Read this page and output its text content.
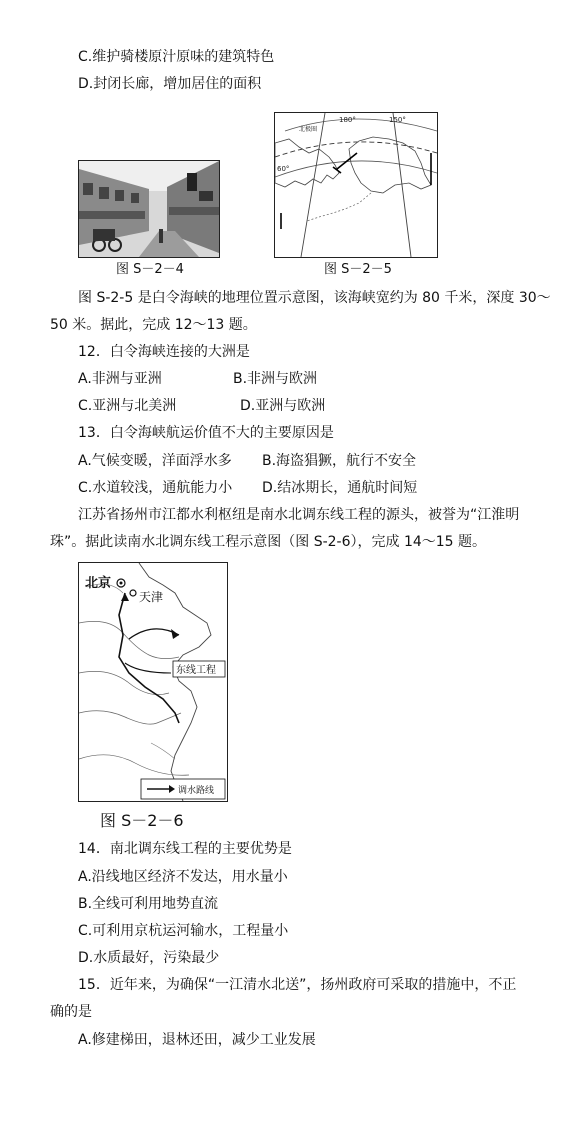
C.维护骑楼原汁原味的建筑特色
D.封闭长廊，增加居住的面积
图 S－2－4
180°	150°
北极圈
60°
图 S－2－5
图 S-2-5 是白令海峡的地理位置示意图，该海峡宽约为 80 千米，深度 30～
50 米。据此，完成 12～13 题。
12．白令海峡连接的大洲是
A.非洲与亚洲	B.非洲与欧洲
C.亚洲与北美洲	D.亚洲与欧洲
13．白令海峡航运价值不大的主要原因是
A.气候变暖，洋面浮水多 B.海盗猖獗，航行不安全
C.水道较浅，通航能力小 D.结冰期长，通航时间短
江苏省扬州市江都水利枢纽是南水北调东线工程的源头，被誉为“江淮明
珠”。据此读南水北调东线工程示意图（图 S-2-6），完成 14～15 题。
北京
天津
东线工程
调水路线
图 S－2－6
14．南北调东线工程的主要优势是
A.沿线地区经济不发达，用水量小
B.全线可利用地势直流
C.可利用京杭运河输水，工程量小
D.水质最好，污染最少
15．近年来，为确保“一江清水北送”，扬州政府可采取的措施中，不正
确的是
A.修建梯田，退林还田，减少工业发展
